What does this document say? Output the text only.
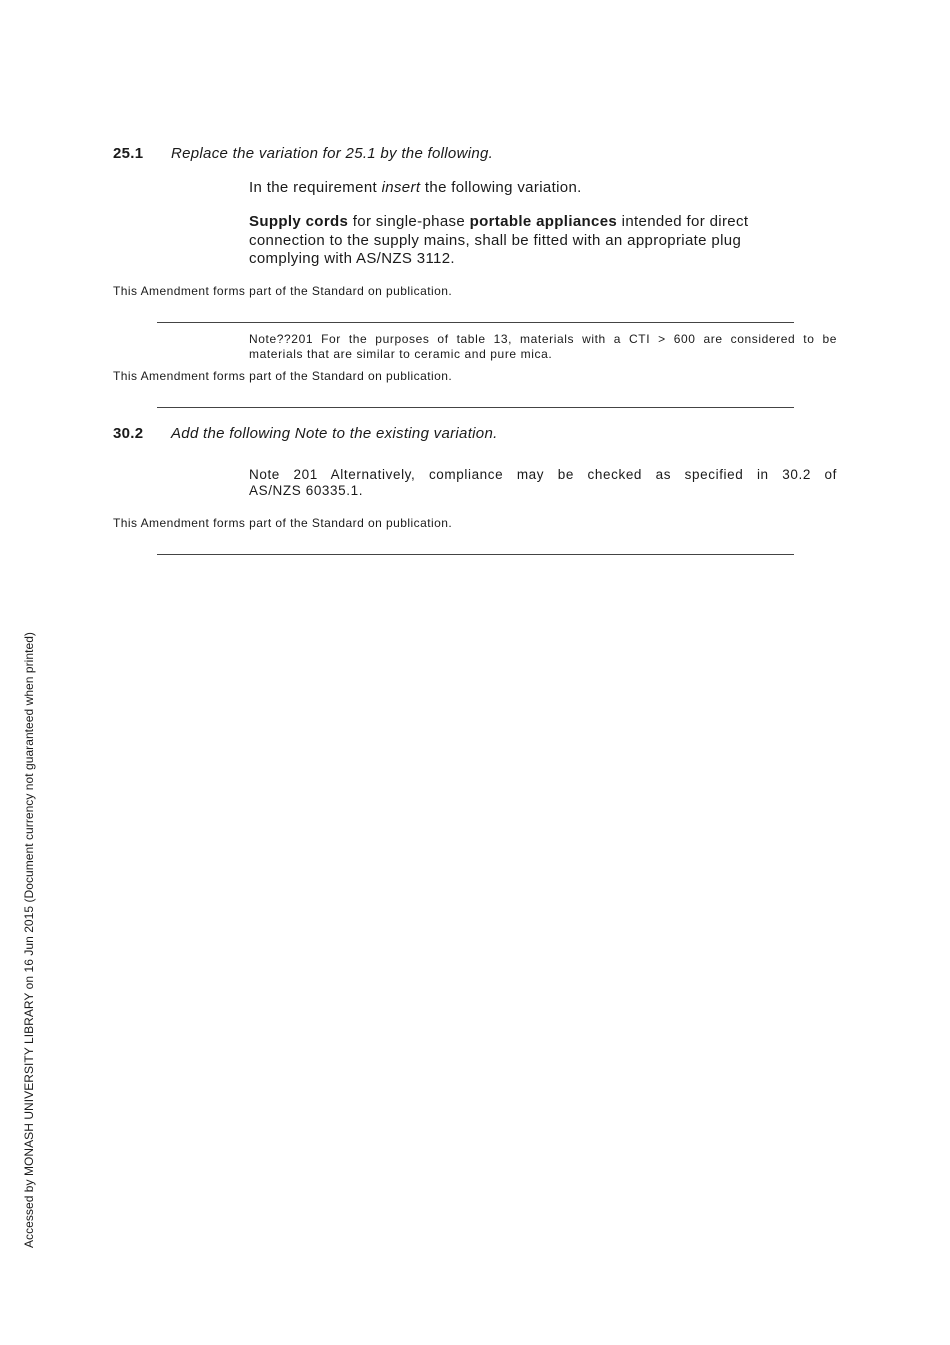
25.1 Replace the variation for 25.1 by the following.
In the requirement insert the following variation.
Supply cords for single-phase portable appliances intended for direct connection to the supply mains, shall be fitted with an appropriate plug complying with AS/NZS 3112.
This Amendment forms part of the Standard on publication.
Note??201 For the purposes of table 13, materials with a CTI > 600 are considered to be
materials that are similar to ceramic and pure mica.
This Amendment forms part of the Standard on publication.
30.2 Add the following Note to the existing variation.
Note 201 Alternatively, compliance may be checked as specified in 30.2 of
AS/NZS 60335.1.
This Amendment forms part of the Standard on publication.
Accessed by MONASH UNIVERSITY LIBRARY on 16 Jun 2015 (Document currency not guaranteed when printed)
